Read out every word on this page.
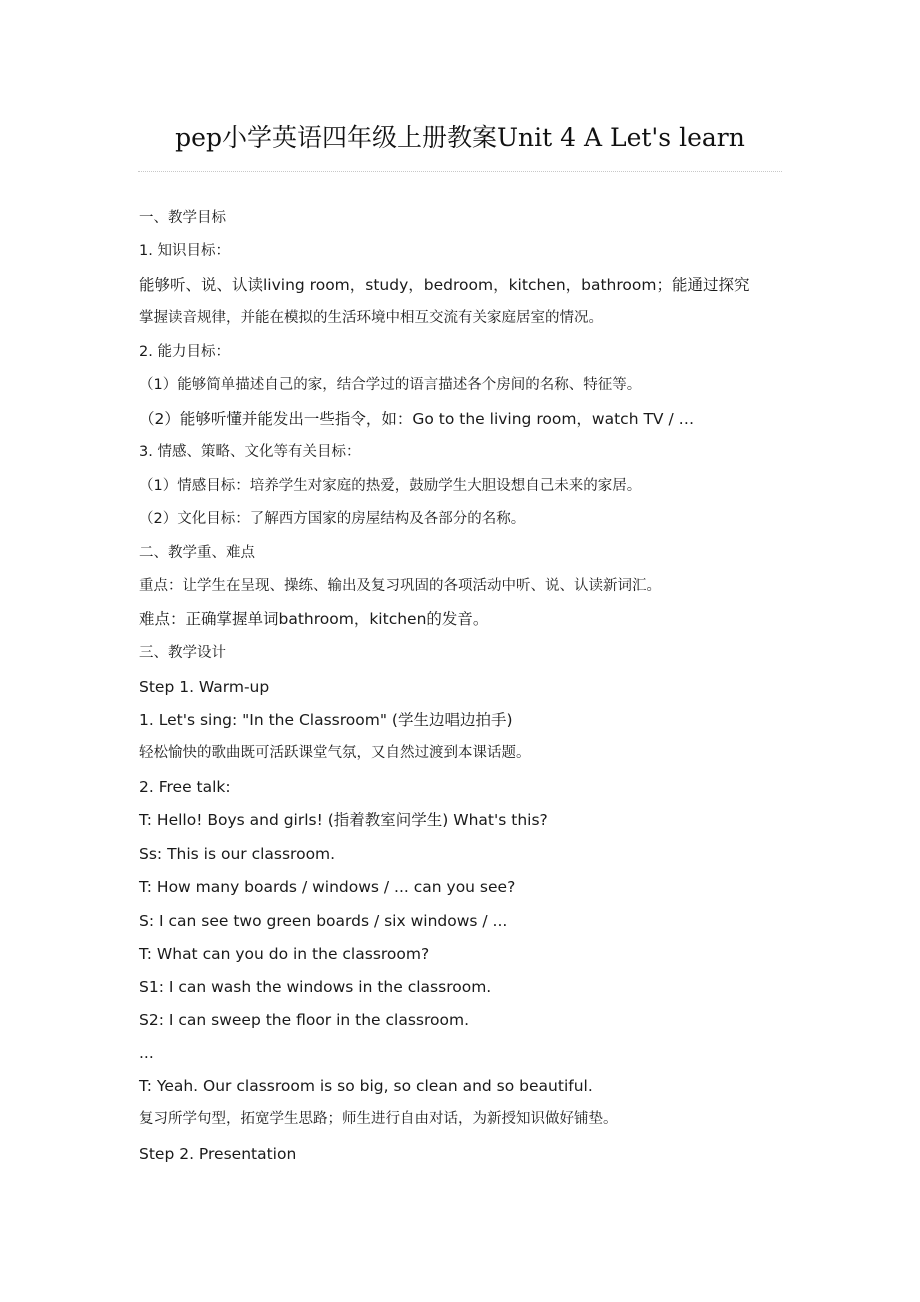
pep小学英语四年级上册教案Unit 4 A Let's learn
一、教学目标
1. 知识目标：
能够听、说、认读living room，study，bedroom，kitchen，bathroom；能通过探究
掌握读音规律，并能在模拟的生活环境中相互交流有关家庭居室的情况。
2. 能力目标：
（1）能够简单描述自己的家，结合学过的语言描述各个房间的名称、特征等。
（2）能够听懂并能发出一些指令，如：Go to the living room，watch TV / …
3. 情感、策略、文化等有关目标：
（1）情感目标：培养学生对家庭的热爱，鼓励学生大胆设想自己未来的家居。
（2）文化目标：了解西方国家的房屋结构及各部分的名称。
二、教学重、难点
重点：让学生在呈现、操练、输出及复习巩固的各项活动中听、说、认读新词汇。
难点：正确掌握单词bathroom，kitchen的发音。
三、教学设计
Step 1. Warm-up
1. Let's sing: "In the Classroom" (学生边唱边拍手)
轻松愉快的歌曲既可活跃课堂气氛，又自然过渡到本课话题。
2. Free talk:
T: Hello! Boys and girls! (指着教室问学生) What's this?
Ss: This is our classroom.
T: How many boards / windows / ... can you see?
S: I can see two green boards / six windows / ...
T: What can you do in the classroom?
S1: I can wash the windows in the classroom.
S2: I can sweep the floor in the classroom.
...
T: Yeah. Our classroom is so big, so clean and so beautiful.
复习所学句型，拓宽学生思路；师生进行自由对话，为新授知识做好铺垫。
Step 2. Presentation
